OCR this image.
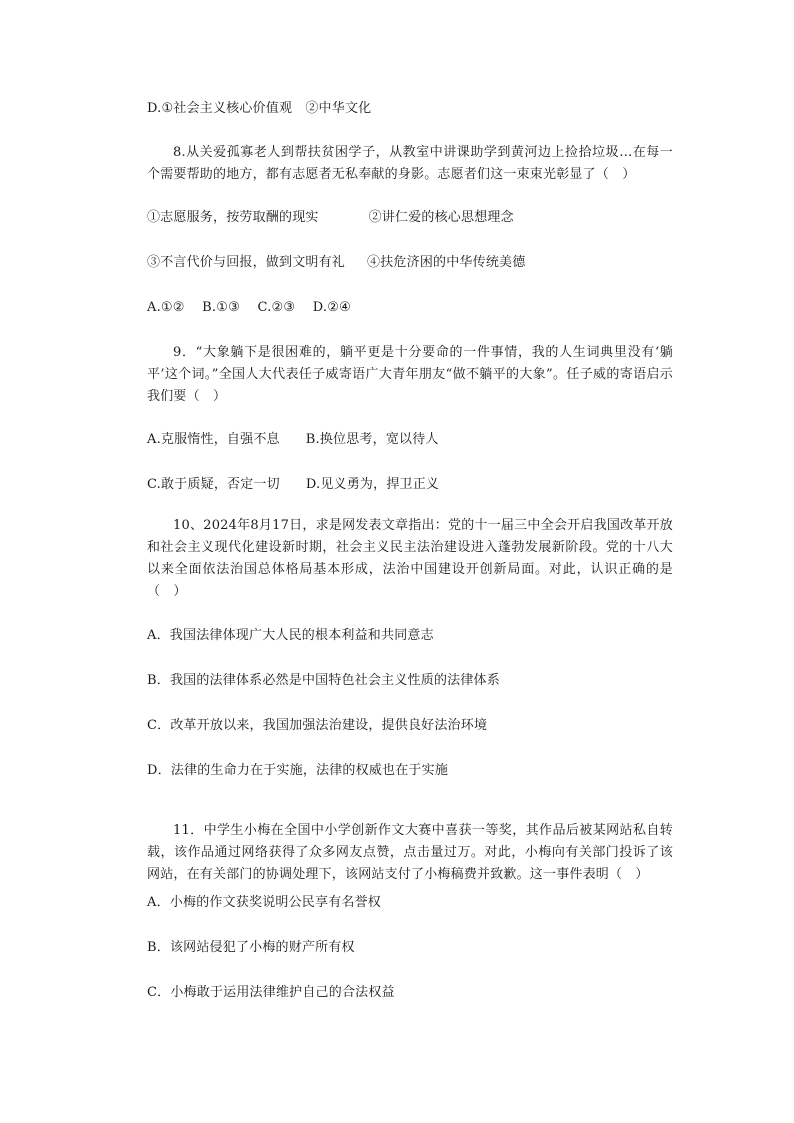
D.①社会主义核心价值观　②中华文化

8.从关爱孤寡老人到帮扶贫困学子，从教室中讲课助学到黄河边上捡拾垃圾…在每一个需要帮助的地方，都有志愿者无私奉献的身影。志愿者们这一束束光彰显了（　）

①志愿服务，按劳取酬的现实	②讲仁爱的核心思想理念
③不言代价与回报，做到文明有礼 ④扶危济困的中华传统美德
A.①②　 B.①③　 C.②③　 D.②④

9．“大象躺下是很困难的，躺平更是十分要命的一件事情，我的人生词典里没有‘躺平’这个词。”全国人大代表任子威寄语广大青年朋友“做不躺平的大象”。任子威的寄语启示我们要（　）

A.克服惰性，自强不息 B.换位思考，宽以待人
C.敢于质疑，否定一切 D.见义勇为，捍卫正义

10、2024年8月17日，求是网发表文章指出：党的十一届三中全会开启我国改革开放和社会主义现代化建设新时期，社会主义民主法治建设进入蓬勃发展新阶段。党的十八大以来全面依法治国总体格局基本形成，法治中国建设开创新局面。对此，认识正确的是（　）

A．我国法律体现广大人民的根本利益和共同意志
B．我国的法律体系必然是中国特色社会主义性质的法律体系
C．改革开放以来，我国加强法治建设，提供良好法治环境
D．法律的生命力在于实施，法律的权威也在于实施

11．中学生小梅在全国中小学创新作文大赛中喜获一等奖，其作品后被某网站私自转载，该作品通过网络获得了众多网友点赞，点击量过万。对此，小梅向有关部门投诉了该网站，在有关部门的协调处理下，该网站支付了小梅稿费并致歉。这一事件表明（　）

A．小梅的作文获奖说明公民享有名誉权
B．该网站侵犯了小梅的财产所有权
C．小梅敢于运用法律维护自己的合法权益
